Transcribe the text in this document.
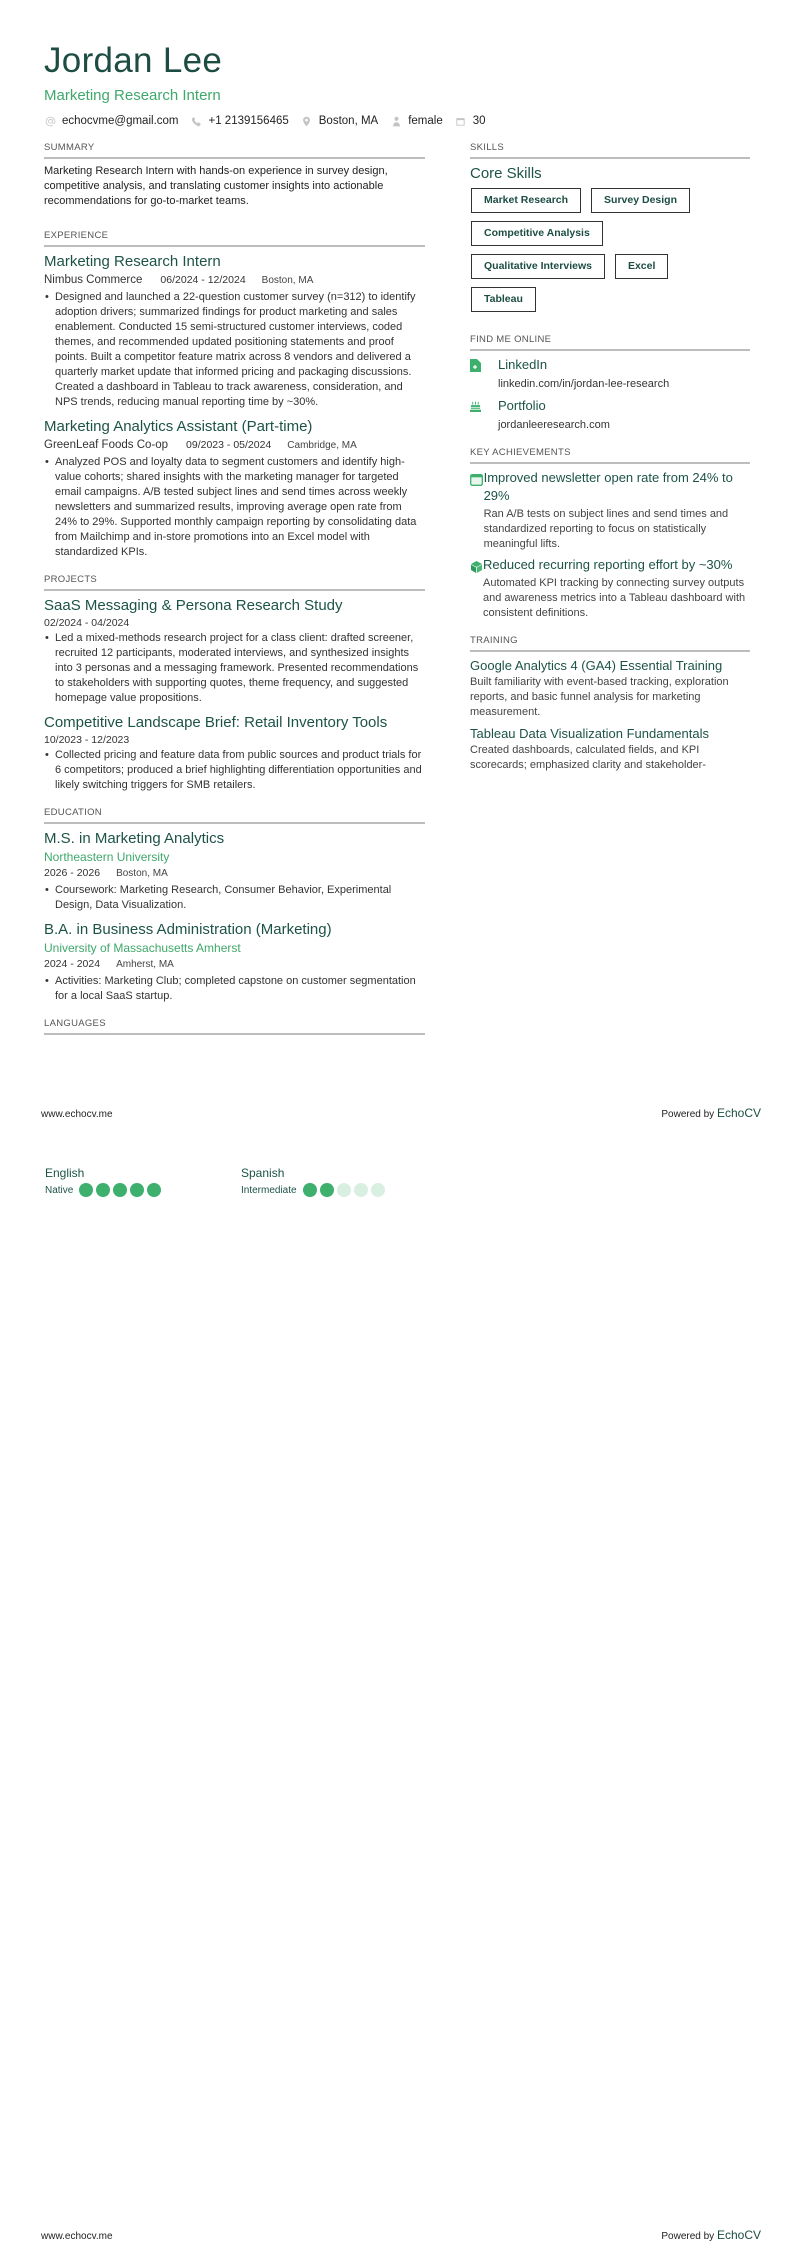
Jordan Lee
Marketing Research Intern
echocvme@gmail.com	+1 2139156465	Boston, MA	female	30
SUMMARY
Marketing Research Intern with hands-on experience in survey design, competitive analysis, and translating customer insights into actionable recommendations for go-to-market teams.
EXPERIENCE
Marketing Research Intern
Nimbus Commerce 06/2024 - 12/2024 Boston, MA
• Designed and launched a 22-question customer survey (n=312) to identify adoption drivers; summarized findings for product marketing and sales enablement. Conducted 15 semi-structured customer interviews, coded themes, and recommended updated positioning statements and proof points. Built a competitor feature matrix across 8 vendors and delivered a quarterly market update that informed pricing and packaging discussions. Created a dashboard in Tableau to track awareness, consideration, and NPS trends, reducing manual reporting time by ~30%.
Marketing Analytics Assistant (Part-time)
GreenLeaf Foods Co-op 09/2023 - 05/2024 Cambridge, MA
• Analyzed POS and loyalty data to segment customers and identify high-value cohorts; shared insights with the marketing manager for targeted email campaigns. A/B tested subject lines and send times across weekly newsletters and summarized results, improving average open rate from 24% to 29%. Supported monthly campaign reporting by consolidating data from Mailchimp and in-store promotions into an Excel model with standardized KPIs.
PROJECTS
SaaS Messaging & Persona Research Study
02/2024 - 04/2024
• Led a mixed-methods research project for a class client: drafted screener, recruited 12 participants, moderated interviews, and synthesized insights into 3 personas and a messaging framework. Presented recommendations to stakeholders with supporting quotes, theme frequency, and suggested homepage value propositions.
Competitive Landscape Brief: Retail Inventory Tools
10/2023 - 12/2023
• Collected pricing and feature data from public sources and product trials for 6 competitors; produced a brief highlighting differentiation opportunities and likely switching triggers for SMB retailers.
EDUCATION
M.S. in Marketing Analytics
Northeastern University
2026 - 2026 Boston, MA
• Coursework: Marketing Research, Consumer Behavior, Experimental Design, Data Visualization.
B.A. in Business Administration (Marketing)
University of Massachusetts Amherst
2024 - 2024 Amherst, MA
• Activities: Marketing Club; completed capstone on customer segmentation for a local SaaS startup.
LANGUAGES
SKILLS
Core Skills
Market Research	Survey Design
Competitive Analysis
Qualitative Interviews	Excel
Tableau
FIND ME ONLINE
LinkedIn
linkedin.com/in/jordan-lee-research
Portfolio
jordanleeresearch.com
KEY ACHIEVEMENTS
Improved newsletter open rate from 24% to 29%
Ran A/B tests on subject lines and send times and standardized reporting to focus on statistically meaningful lifts.
Reduced recurring reporting effort by ~30%
Automated KPI tracking by connecting survey outputs and awareness metrics into a Tableau dashboard with consistent definitions.
TRAINING
Google Analytics 4 (GA4) Essential Training
Built familiarity with event-based tracking, exploration reports, and basic funnel analysis for marketing measurement.
Tableau Data Visualization Fundamentals
Created dashboards, calculated fields, and KPI scorecards; emphasized clarity and stakeholder-
www.echocv.me	Powered by EchoCV
English
Native
Spanish
Intermediate
www.echocv.me	Powered by EchoCV
